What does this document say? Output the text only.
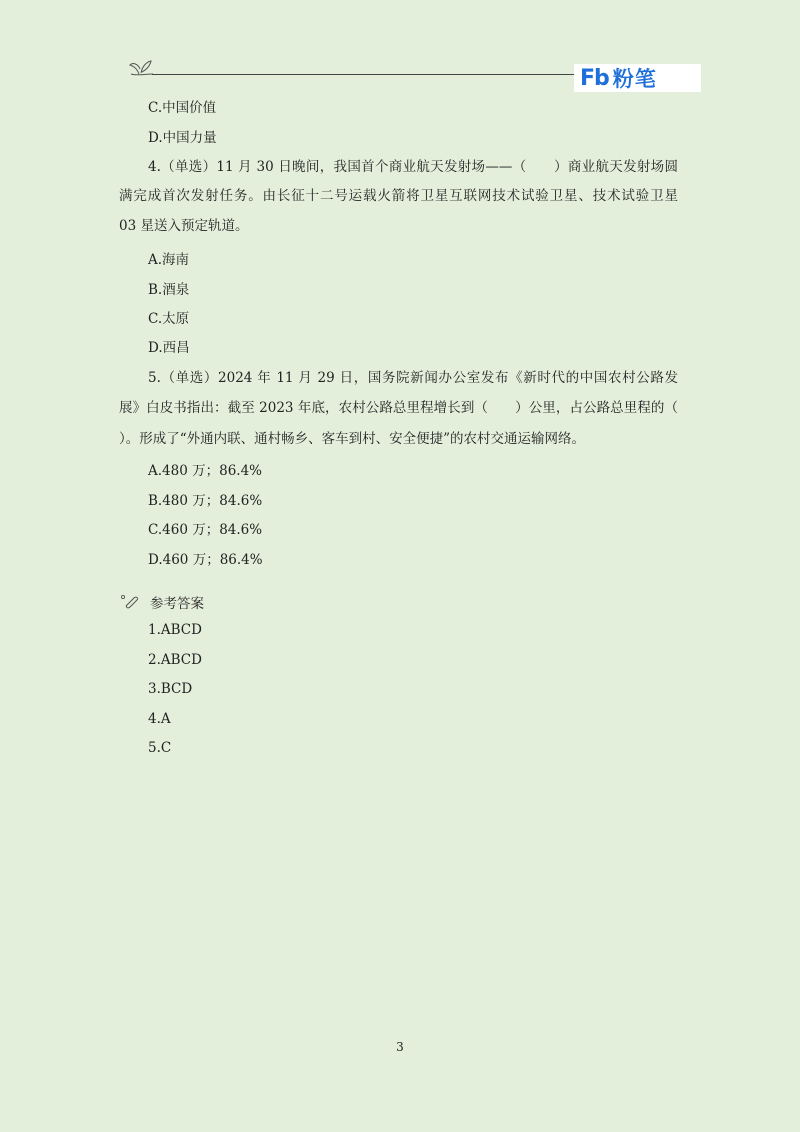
Fb 粉笔
C.中国价值
D.中国力量
4.（单选）11 月 30 日晚间，我国首个商业航天发射场——（　　）商业航天发射场圆
满完成首次发射任务。由长征十二号运载火箭将卫星互联网技术试验卫星、技术试验卫星
03 星送入预定轨道。
A.海南
B.酒泉
C.太原
D.西昌
5.（单选）2024 年 11 月 29 日，国务院新闻办公室发布《新时代的中国农村公路发
展》白皮书指出：截至 2023 年底，农村公路总里程增长到（　　）公里，占公路总里程的（
）。形成了“外通内联、通村畅乡、客车到村、安全便捷”的农村交通运输网络。
A.480 万；86.4%
B.480 万；84.6%
C.460 万；84.6%
D.460 万；86.4%
参考答案
1.ABCD
2.ABCD
3.BCD
4.A
5.C
3
